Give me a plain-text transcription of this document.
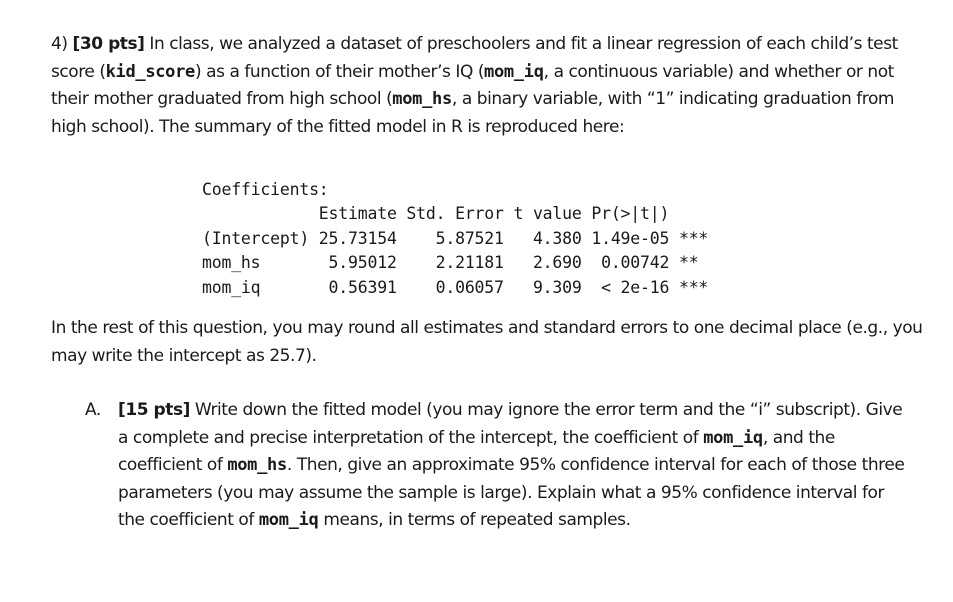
4) [30 pts] In class, we analyzed a dataset of preschoolers and fit a linear regression of each child’s test score (kid_score) as a function of their mother’s IQ (mom_iq, a continuous variable) and whether or not their mother graduated from high school (mom_hs, a binary variable, with “1” indicating graduation from high school). The summary of the fitted model in R is reproduced here:
Coefficients:
Estimate Std. Error t value Pr(>|t|)
(Intercept) 25.73154    5.87521   4.380 1.49e-05 ***
mom_hs       5.95012    2.21181   2.690  0.00742 **
mom_iq       0.56391    0.06057   9.309  < 2e-16 ***
In the rest of this question, you may round all estimates and standard errors to one decimal place (e.g., you may write the intercept as 25.7).
A. [15 pts] Write down the fitted model (you may ignore the error term and the “i” subscript). Give a complete and precise interpretation of the intercept, the coefficient of mom_iq, and the coefficient of mom_hs. Then, give an approximate 95% confidence interval for each of those three parameters (you may assume the sample is large). Explain what a 95% confidence interval for the coefficient of mom_iq means, in terms of repeated samples.
